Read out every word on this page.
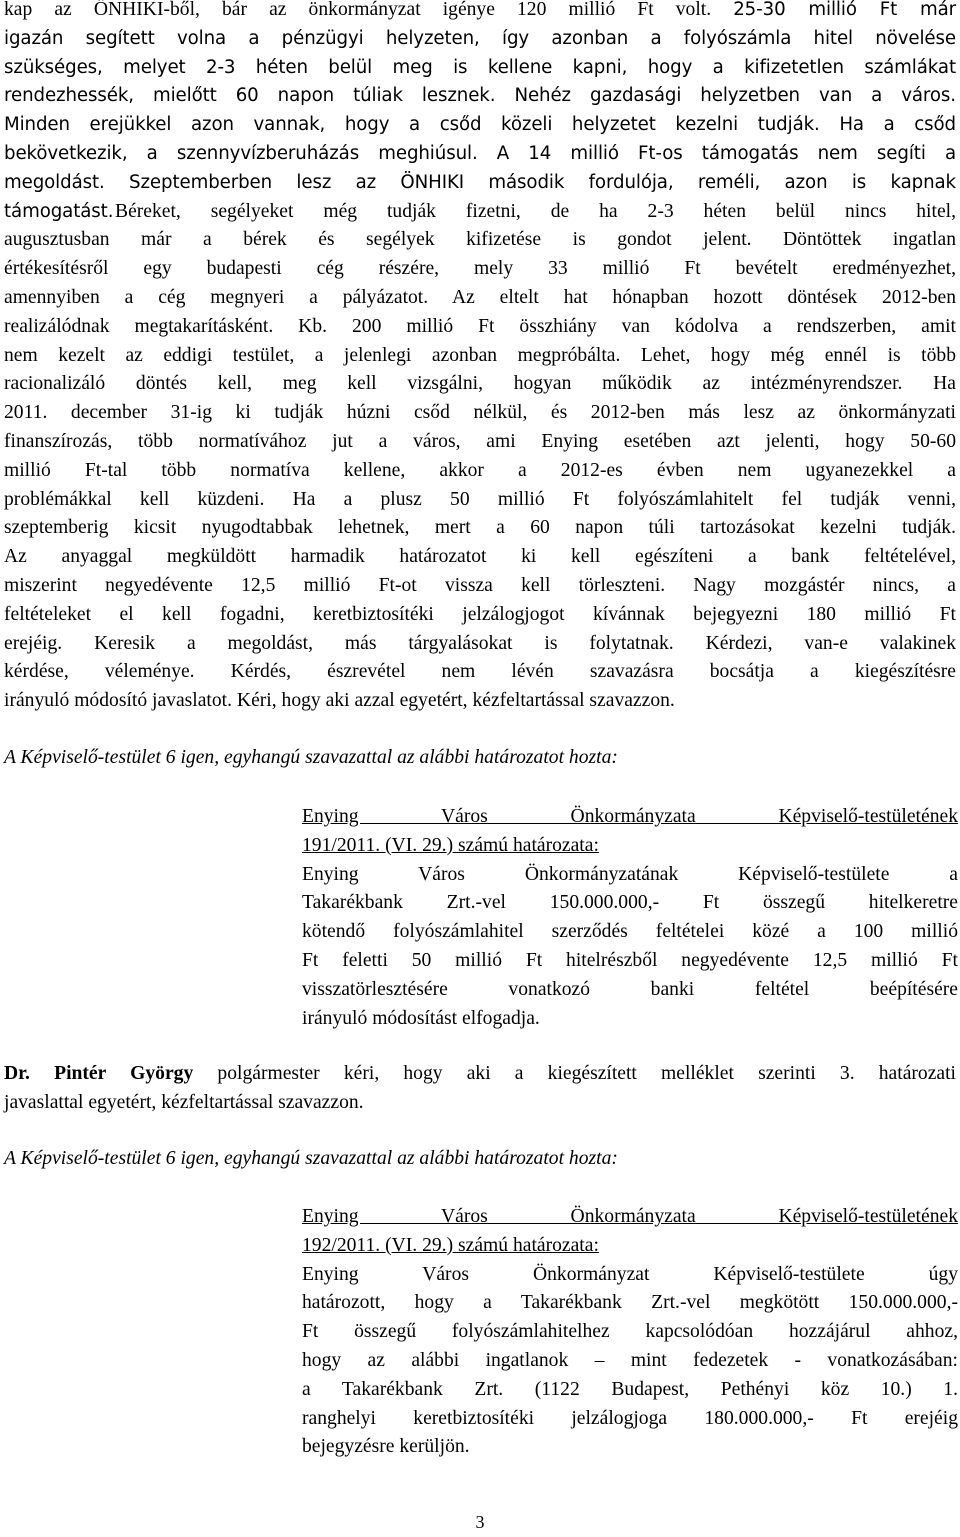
kap az ÖNHIKI-ből, bár az önkormányzat igénye 120 millió Ft volt. 25-30 millió Ft már
igazán segített volna a pénzügyi helyzeten, így azonban a folyószámla hitel növelése
szükséges, melyet 2-3 héten belül meg is kellene kapni, hogy a kifizetetlen számlákat
rendezhessék, mielőtt 60 napon túliak lesznek. Nehéz gazdasági helyzetben van a város.
Minden erejükkel azon vannak, hogy a csőd közeli helyzetet kezelni tudják. Ha a csőd
bekövetkezik, a szennyvízberuházás meghiúsul. A 14 millió Ft-os támogatás nem segíti a
megoldást. Szeptemberben lesz az ÖNHIKI második fordulója, reméli, azon is kapnak
támogatást. Béreket, segélyeket még tudják fizetni, de ha 2-3 héten belül nincs hitel,
augusztusban már a bérek és segélyek kifizetése is gondot jelent. Döntöttek ingatlan
értékesítésről egy budapesti cég részére, mely 33 millió Ft bevételt eredményezhet,
amennyiben a cég megnyeri a pályázatot. Az eltelt hat hónapban hozott döntések 2012-ben
realizálódnak megtakarításként. Kb. 200 millió Ft összhiány van kódolva a rendszerben, amit
nem kezelt az eddigi testület, a jelenlegi azonban megpróbálta. Lehet, hogy még ennél is több
racionalizáló döntés kell, meg kell vizsgálni, hogyan működik az intézményrendszer. Ha
2011. december 31-ig ki tudják húzni csőd nélkül, és 2012-ben más lesz az önkormányzati
finanszírozás, több normatívához jut a város, ami Enying esetében azt jelenti, hogy 50-60
millió Ft-tal több normatíva kellene, akkor a 2012-es évben nem ugyanezekkel a
problémákkal kell küzdeni. Ha a plusz 50 millió Ft folyószámlahitelt fel tudják venni,
szeptemberig kicsit nyugodtabbak lehetnek, mert a 60 napon túli tartozásokat kezelni tudják.
Az anyaggal megküldött harmadik határozatot ki kell egészíteni a bank feltételével,
miszerint negyedévente 12,5 millió Ft-ot vissza kell törleszteni. Nagy mozgástér nincs, a
feltételeket el kell fogadni, keretbiztosítéki jelzálogjogot kívánnak bejegyezni 180 millió Ft
erejéig. Keresik a megoldást, más tárgyalásokat is folytatnak. Kérdezi, van-e valakinek
kérdése, véleménye. Kérdés, észrevétel nem lévén szavazásra bocsátja a kiegészítésre
irányuló módosító javaslatot. Kéri, hogy aki azzal egyetért, kézfeltartással szavazzon.

A Képviselő-testület 6 igen, egyhangú szavazattal az alábbi határozatot hozta:

Enying Város Önkormányzata Képviselő-testületének
191/2011. (VI. 29.) számú határozata:
Enying Város Önkormányzatának Képviselő-testülete a
Takarékbank Zrt.-vel 150.000.000,- Ft összegű hitelkeretre
kötendő folyószámlahitel szerződés feltételei közé a 100 millió
Ft feletti 50 millió Ft hitelrészből negyedévente 12,5 millió Ft
visszatörlesztésére vonatkozó banki feltétel beépítésére
irányuló módosítást elfogadja.
Dr. Pintér György polgármester kéri, hogy aki a kiegészített melléklet szerinti 3. határozati
javaslattal egyetért, kézfeltartással szavazzon.

A Képviselő-testület 6 igen, egyhangú szavazattal az alábbi határozatot hozta:

Enying Város Önkormányzata Képviselő-testületének
192/2011. (VI. 29.) számú határozata:
Enying Város Önkormányzat Képviselő-testülete úgy
határozott, hogy a Takarékbank Zrt.-vel megkötött 150.000.000,-
Ft összegű folyószámlahitelhez kapcsolódóan hozzájárul ahhoz,
hogy az alábbi ingatlanok – mint fedezetek - vonatkozásában:
a Takarékbank Zrt. (1122 Budapest, Pethényi köz 10.) 1.
ranghelyi keretbiztosítéki jelzálogjoga 180.000.000,- Ft erejéig
bejegyzésre kerüljön.
3
